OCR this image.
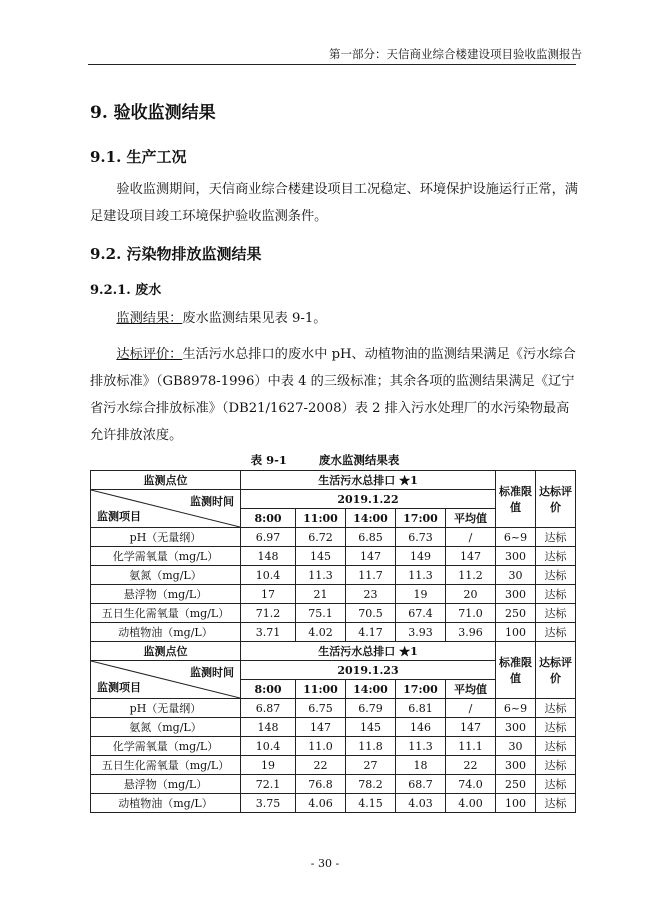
第一部分：天信商业综合楼建设项目验收监测报告
9. 验收监测结果
9.1. 生产工况
验收监测期间，天信商业综合楼建设项目工况稳定、环境保护设施运行正常，满足建设项目竣工环境保护验收监测条件。
9.2. 污染物排放监测结果
9.2.1. 废水
监测结果：废水监测结果见表 9-1。
达标评价：生活污水总排口的废水中 pH、动植物油的监测结果满足《污水综合排放标准》（GB8978-1996）中表 4 的三级标准；其余各项的监测结果满足《辽宁省污水综合排放标准》（DB21/1627-2008）表 2 排入污水处理厂的水污染物最高允许排放浓度。
表 9-1	废水监测结果表
监测点位	生活污水总排口 ★1					标准限值	达标评价

监测时间
监测项目	2019.1.22						
	8:00	11:00	14:00	17:00	平均值		
pH（无量纲）	6.97	6.72	6.85	6.73	/	6~9	达标
化学需氧量（mg/L）	148	145	147	149	147	300	达标
氨氮（mg/L）	10.4	11.3	11.7	11.3	11.2	30	达标
悬浮物（mg/L）	17	21	23	19	20	300	达标
五日生化需氧量（mg/L）	71.2	75.1	70.5	67.4	71.0	250	达标
动植物油（mg/L）	3.71	4.02	4.17	3.93	3.96	100	达标
监测点位	生活污水总排口 ★1					标准限值	达标评价

监测时间
监测项目	2019.1.23						
	8:00	11:00	14:00	17:00	平均值		
pH（无量纲）	6.87	6.75	6.79	6.81	/	6~9	达标
氨氮（mg/L）	148	147	145	146	147	300	达标
化学需氧量（mg/L）	10.4	11.0	11.8	11.3	11.1	30	达标
五日生化需氧量（mg/L）	19	22	27	18	22	300	达标
悬浮物（mg/L）	72.1	76.8	78.2	68.7	74.0	250	达标
动植物油（mg/L）	3.75	4.06	4.15	4.03	4.00	100	达标
- 30 -
